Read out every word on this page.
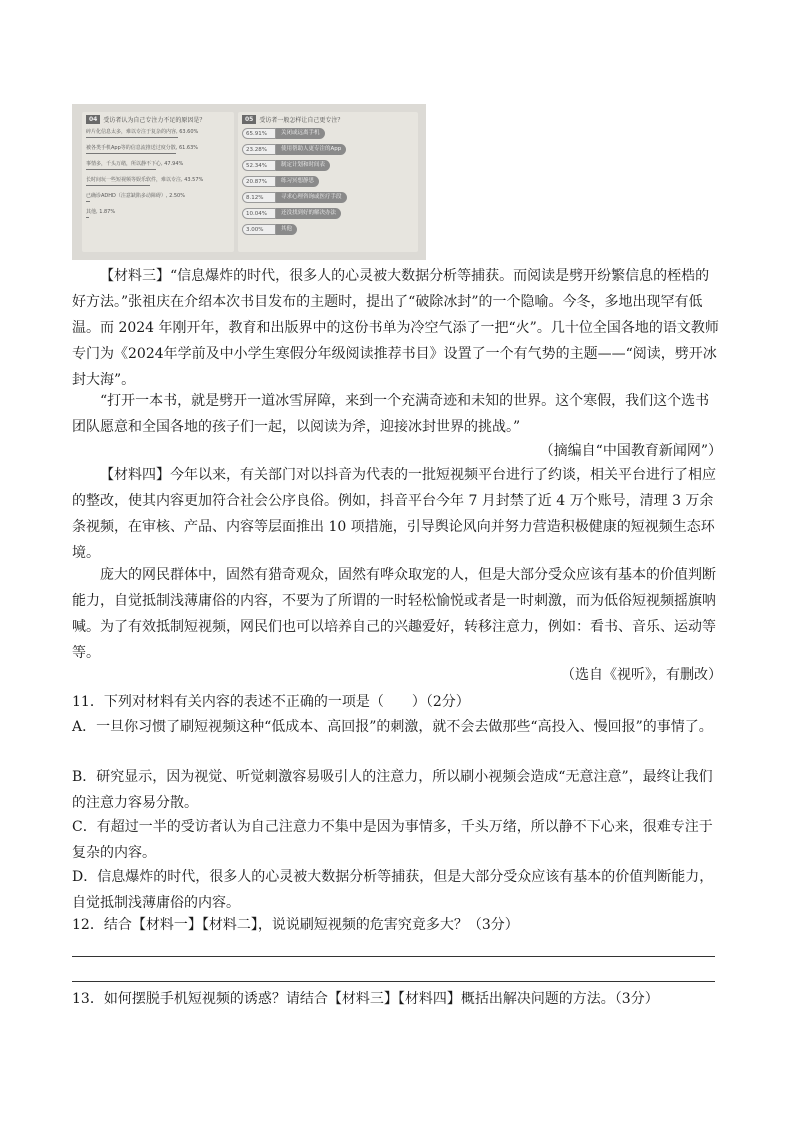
04	受访者认为自己专注力不足的原因是？
碎片化信息太多，难以专注于复杂的内容, 63.60%
被各类手机App等的信息流推送过度分散, 61.63%
事情多，千头万绪，所以静不下心, 47.94%
长时间玩一些短视频等娱乐软件，难以专注, 43.57%
已确诊ADHD（注意缺陷多动障碍）, 2.50%
其他, 1.87%
05	受访者一般怎样让自己更专注？
65.91%	关闭或远离手机
23.28%	使用帮助人更专注的App
52.34%	制定计划和时间表
20.87%	练习冥想静思
8.12%	寻求心理咨询或医疗手段
10.04%	还没找到好的解决办法
3.00%	其他

【材料三】“信息爆炸的时代，很多人的心灵被大数据分析等捕获。而阅读是劈开纷繁信息的桎梏的好方法。”张祖庆在介绍本次书目发布的主题时，提出了“破除冰封”的一个隐喻。今冬，多地出现罕有低温。而 2024 年刚开年，教育和出版界中的这份书单为冷空气添了一把“火”。几十位全国各地的语文教师专门为《2024年学前及中小学生寒假分年级阅读推荐书目》设置了一个有气势的主题——“阅读，劈开冰封大海”。

“打开一本书，就是劈开一道冰雪屏障，来到一个充满奇迹和未知的世界。这个寒假，我们这个选书团队愿意和全国各地的孩子们一起，以阅读为斧，迎接冰封世界的挑战。”

（摘编自“中国教育新闻网”）

【材料四】今年以来，有关部门对以抖音为代表的一批短视频平台进行了约谈，相关平台进行了相应的整改，使其内容更加符合社会公序良俗。例如，抖音平台今年 7 月封禁了近 4 万个账号，清理 3 万余条视频，在审核、产品、内容等层面推出 10 项措施，引导舆论风向并努力营造积极健康的短视频生态环境。

庞大的网民群体中，固然有猎奇观众，固然有哗众取宠的人，但是大部分受众应该有基本的价值判断能力，自觉抵制浅薄庸俗的内容，不要为了所谓的一时轻松愉悦或者是一时刺激，而为低俗短视频摇旗呐喊。为了有效抵制短视频，网民们也可以培养自己的兴趣爱好，转移注意力，例如：看书、音乐、运动等等。

（选自《视听》，有删改）

11．下列对材料有关内容的表述不正确的一项是（　　）（2分）

A．一旦你习惯了刷短视频这种“低成本、高回报”的刺激，就不会去做那些“高投入、慢回报”的事情了。

B．研究显示，因为视觉、听觉刺激容易吸引人的注意力，所以刷小视频会造成“无意注意”，最终让我们的注意力容易分散。

C．有超过一半的受访者认为自己注意力不集中是因为事情多，千头万绪，所以静不下心来，很难专注于复杂的内容。

D．信息爆炸的时代，很多人的心灵被大数据分析等捕获，但是大部分受众应该有基本的价值判断能力，自觉抵制浅薄庸俗的内容。

12．结合【材料一】【材料二】，说说刷短视频的危害究竟多大？（3分）

13．如何摆脱手机短视频的诱惑？请结合【材料三】【材料四】概括出解决问题的方法。（3分）
